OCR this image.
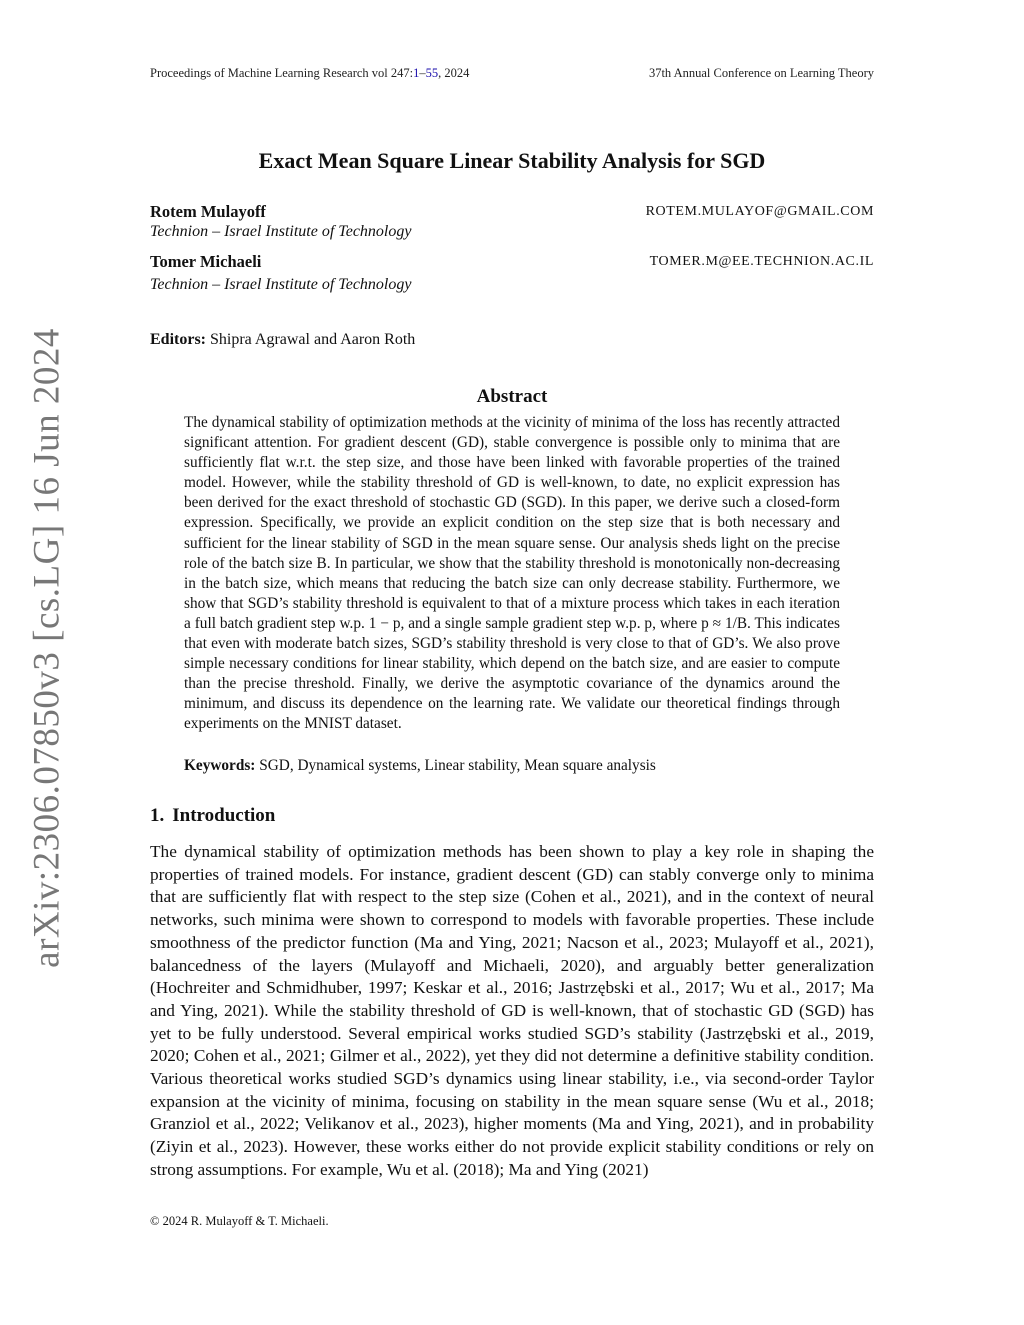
Proceedings of Machine Learning Research vol 247:1–55, 2024	37th Annual Conference on Learning Theory
arXiv:2306.07850v3 [cs.LG] 16 Jun 2024
Exact Mean Square Linear Stability Analysis for SGD
Rotem Mulayoff	ROTEM.MULAYOF@GMAIL.COM
Technion – Israel Institute of Technology
Tomer Michaeli	TOMER.M@EE.TECHNION.AC.IL
Technion – Israel Institute of Technology
Editors: Shipra Agrawal and Aaron Roth
Abstract

The dynamical stability of optimization methods at the vicinity of minima of the loss has recently attracted significant attention. For gradient descent (GD), stable convergence is possible only to minima that are sufficiently flat w.r.t. the step size, and those have been linked with favorable properties of the trained model. However, while the stability threshold of GD is well-known, to date, no explicit expression has been derived for the exact threshold of stochastic GD (SGD). In this paper, we derive such a closed-form expression. Specifically, we provide an explicit condition on the step size that is both necessary and sufficient for the linear stability of SGD in the mean square sense. Our analysis sheds light on the precise role of the batch size B. In particular, we show that the stability threshold is monotonically non-decreasing in the batch size, which means that reducing the batch size can only decrease stability. Furthermore, we show that SGD’s stability threshold is equivalent to that of a mixture process which takes in each iteration a full batch gradient step w.p. 1 − p, and a single sample gradient step w.p. p, where p ≈ 1/B. This indicates that even with moderate batch sizes, SGD’s stability threshold is very close to that of GD’s. We also prove simple necessary conditions for linear stability, which depend on the batch size, and are easier to compute than the precise threshold. Finally, we derive the asymptotic covariance of the dynamics around the minimum, and discuss its dependence on the learning rate. We validate our theoretical findings through experiments on the MNIST dataset.

Keywords: SGD, Dynamical systems, Linear stability, Mean square analysis
1. Introduction

The dynamical stability of optimization methods has been shown to play a key role in shaping the properties of trained models. For instance, gradient descent (GD) can stably converge only to minima that are sufficiently flat with respect to the step size (Cohen et al., 2021), and in the context of neural networks, such minima were shown to correspond to models with favorable properties. These include smoothness of the predictor function (Ma and Ying, 2021; Nacson et al., 2023; Mulayoff et al., 2021), balancedness of the layers (Mulayoff and Michaeli, 2020), and arguably better generalization (Hochreiter and Schmidhuber, 1997; Keskar et al., 2016; Jastrzębski et al., 2017; Wu et al., 2017; Ma and Ying, 2021). While the stability threshold of GD is well-known, that of stochastic GD (SGD) has yet to be fully understood. Several empirical works studied SGD’s stability (Jastrzębski et al., 2019, 2020; Cohen et al., 2021; Gilmer et al., 2022), yet they did not determine a definitive stability condition. Various theoretical works studied SGD’s dynamics using linear stability, i.e., via second-order Taylor expansion at the vicinity of minima, focusing on stability in the mean square sense (Wu et al., 2018; Granziol et al., 2022; Velikanov et al., 2023), higher moments (Ma and Ying, 2021), and in probability (Ziyin et al., 2023). However, these works either do not provide explicit stability conditions or rely on strong assumptions. For example, Wu et al. (2018); Ma and Ying (2021)

© 2024 R. Mulayoff & T. Michaeli.
